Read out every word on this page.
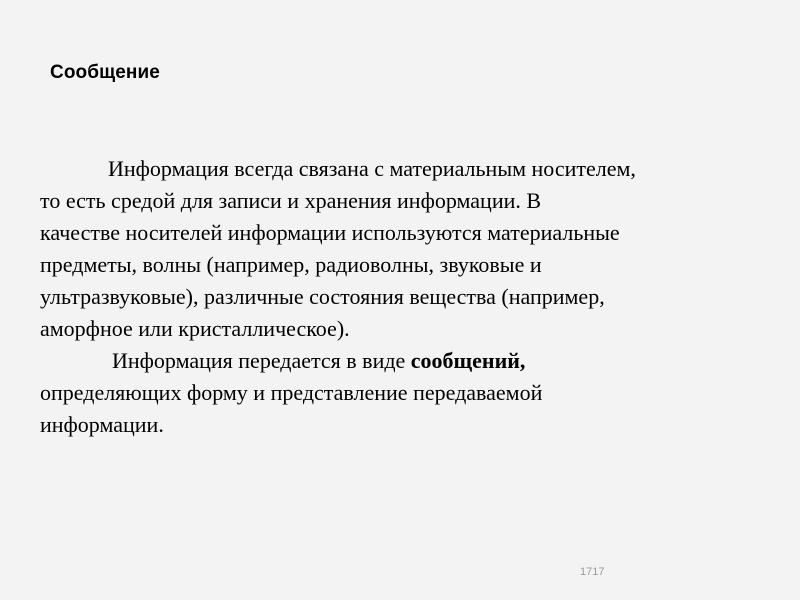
Сообщение

Информация всегда связана с материальным носителем,
то есть средой для записи и хранения информации. В
качестве носителей информации используются материальные
предметы, волны (например, радиоволны, звуковые и
ультразвуковые), различные состояния вещества (например,
аморфное или кристаллическое).

Информация передается в виде сообщений,
определяющих форму и представление передаваемой
информации.

1717
